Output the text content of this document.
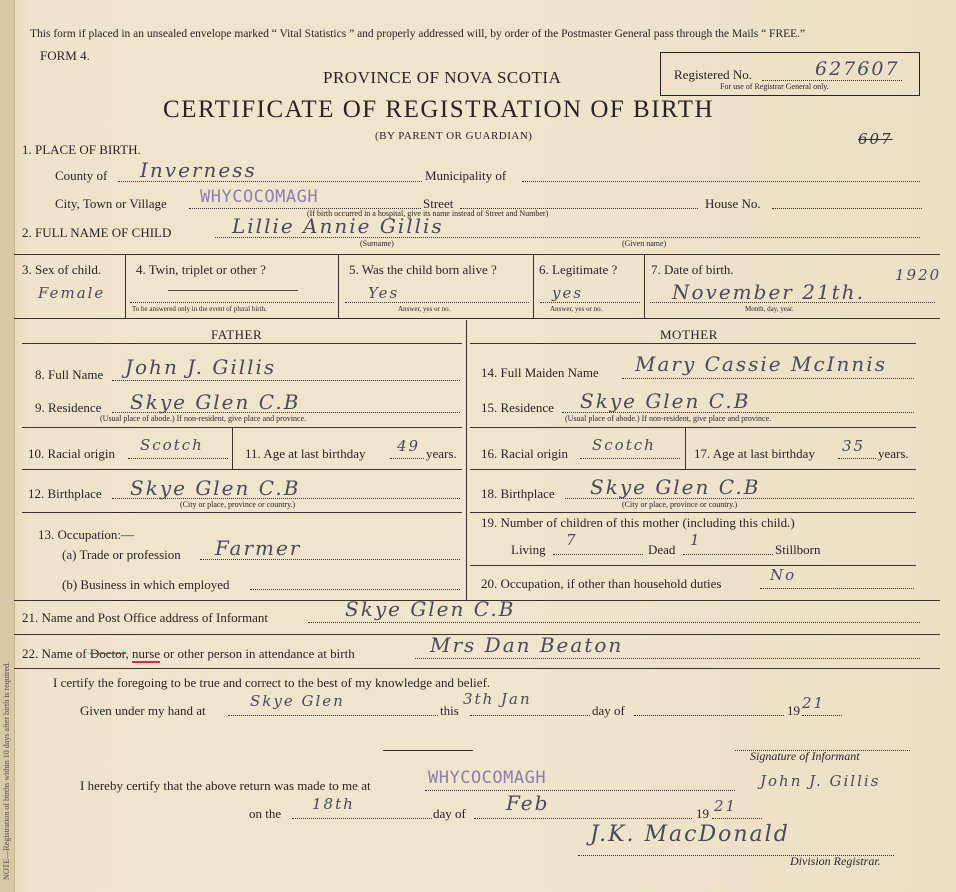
This form if placed in an unsealed envelope marked “ Vital Statistics ” and properly addressed will, by order of the Postmaster General pass through the Mails “ FREE.”
FORM 4.
PROVINCE OF NOVA SCOTIA
CERTIFICATE OF REGISTRATION OF BIRTH
(BY PARENT OR GUARDIAN)
Registered No.	627607
For use of Registrar General only.
607
1. PLACE OF BIRTH.
County of Inverness	Municipality of
City, Town or Village WHYCOCOMAGH	Street	House No.
(If birth occurred in a hospital, give its name instead of Street and Number)
2. FULL NAME OF CHILD	Lillie Annie Gillis
(Surname)	(Given name)
3. Sex of child.
Female
4. Twin, triplet or other ?
To be answered only in the event of plural birth.
5. Was the child born alive ?
Yes
Answer, yes or no.
6. Legitimate ?
yes
Answer, yes or no.
7. Date of birth.
November 21th.
1920
Month, day, year.
FATHER	MOTHER
8. Full Name John J. Gillis
9. Residence Skye Glen C.B
(Usual place of abode.) If non-resident, give place and province.
10. Racial origin Scotch	11. Age at last birthday 49 years.
12. Birthplace Skye Glen C.B
(City or place, province or country.)
13. Occupation:—
(a) Trade or profession Farmer
(b) Business in which employed
14. Full Maiden Name Mary Cassie McInnis
15. Residence Skye Glen C.B
(Usual place of abode.) If non-resident, give place and province.
16. Racial origin Scotch	17. Age at last birthday 35 years.
18. Birthplace Skye Glen C.B
(City or place, province or country.)
19. Number of children of this mother (including this child.)
Living
7
Dead
1
Stillborn
20. Occupation, if other than household duties	No
21. Name and Post Office address of Informant	Skye Glen C.B
22. Name of Doctor, nurse or other person in attendance at birth	Mrs Dan Beaton
I certify the foregoing to be true and correct to the best of my knowledge and belief.
Given under my hand at
Skye Glen
this
3th Jan
day of	19 21
Signature of Informant
John J. Gillis
I hereby certify that the above return was made to me at	WHYCOCOMAGH
on the
18th
day of Feb	19 21
J.K. MacDonald
Division Registrar.
NOTE—Registration of births within 10 days after birth is required.
